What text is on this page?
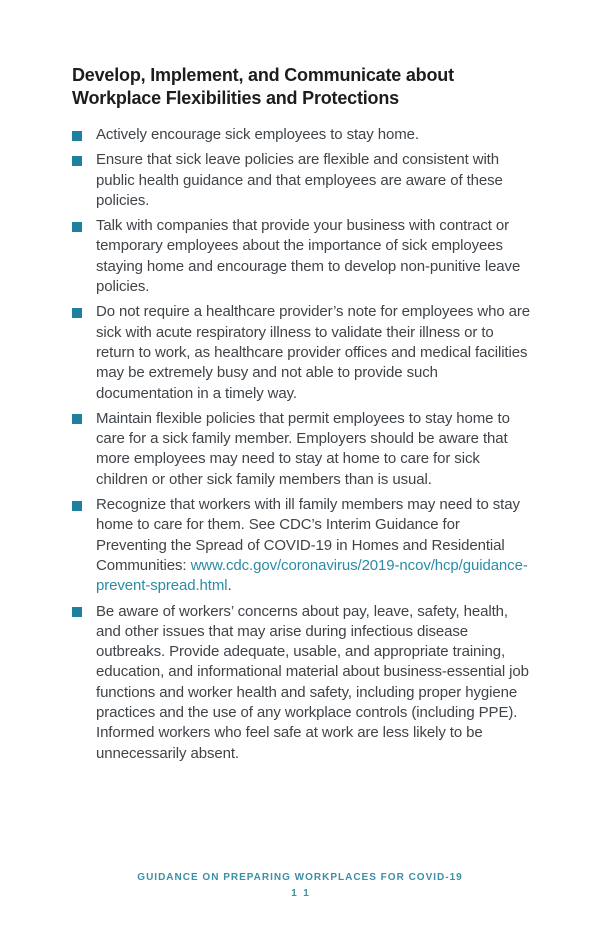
Develop, Implement, and Communicate about Workplace Flexibilities and Protections
Actively encourage sick employees to stay home.
Ensure that sick leave policies are flexible and consistent with public health guidance and that employees are aware of these policies.
Talk with companies that provide your business with contract or temporary employees about the importance of sick employees staying home and encourage them to develop non-punitive leave policies.
Do not require a healthcare provider’s note for employees who are sick with acute respiratory illness to validate their illness or to return to work, as healthcare provider offices and medical facilities may be extremely busy and not able to provide such documentation in a timely way.
Maintain flexible policies that permit employees to stay home to care for a sick family member. Employers should be aware that more employees may need to stay at home to care for sick children or other sick family members than is usual.
Recognize that workers with ill family members may need to stay home to care for them. See CDC’s Interim Guidance for Preventing the Spread of COVID-19 in Homes and Residential Communities: www.cdc.gov/coronavirus/2019-ncov/hcp/guidance-prevent-spread.html.
Be aware of workers’ concerns about pay, leave, safety, health, and other issues that may arise during infectious disease outbreaks. Provide adequate, usable, and appropriate training, education, and informational material about business-essential job functions and worker health and safety, including proper hygiene practices and the use of any workplace controls (including PPE). Informed workers who feel safe at work are less likely to be unnecessarily absent.
GUIDANCE ON PREPARING WORKPLACES FOR COVID-19
11
